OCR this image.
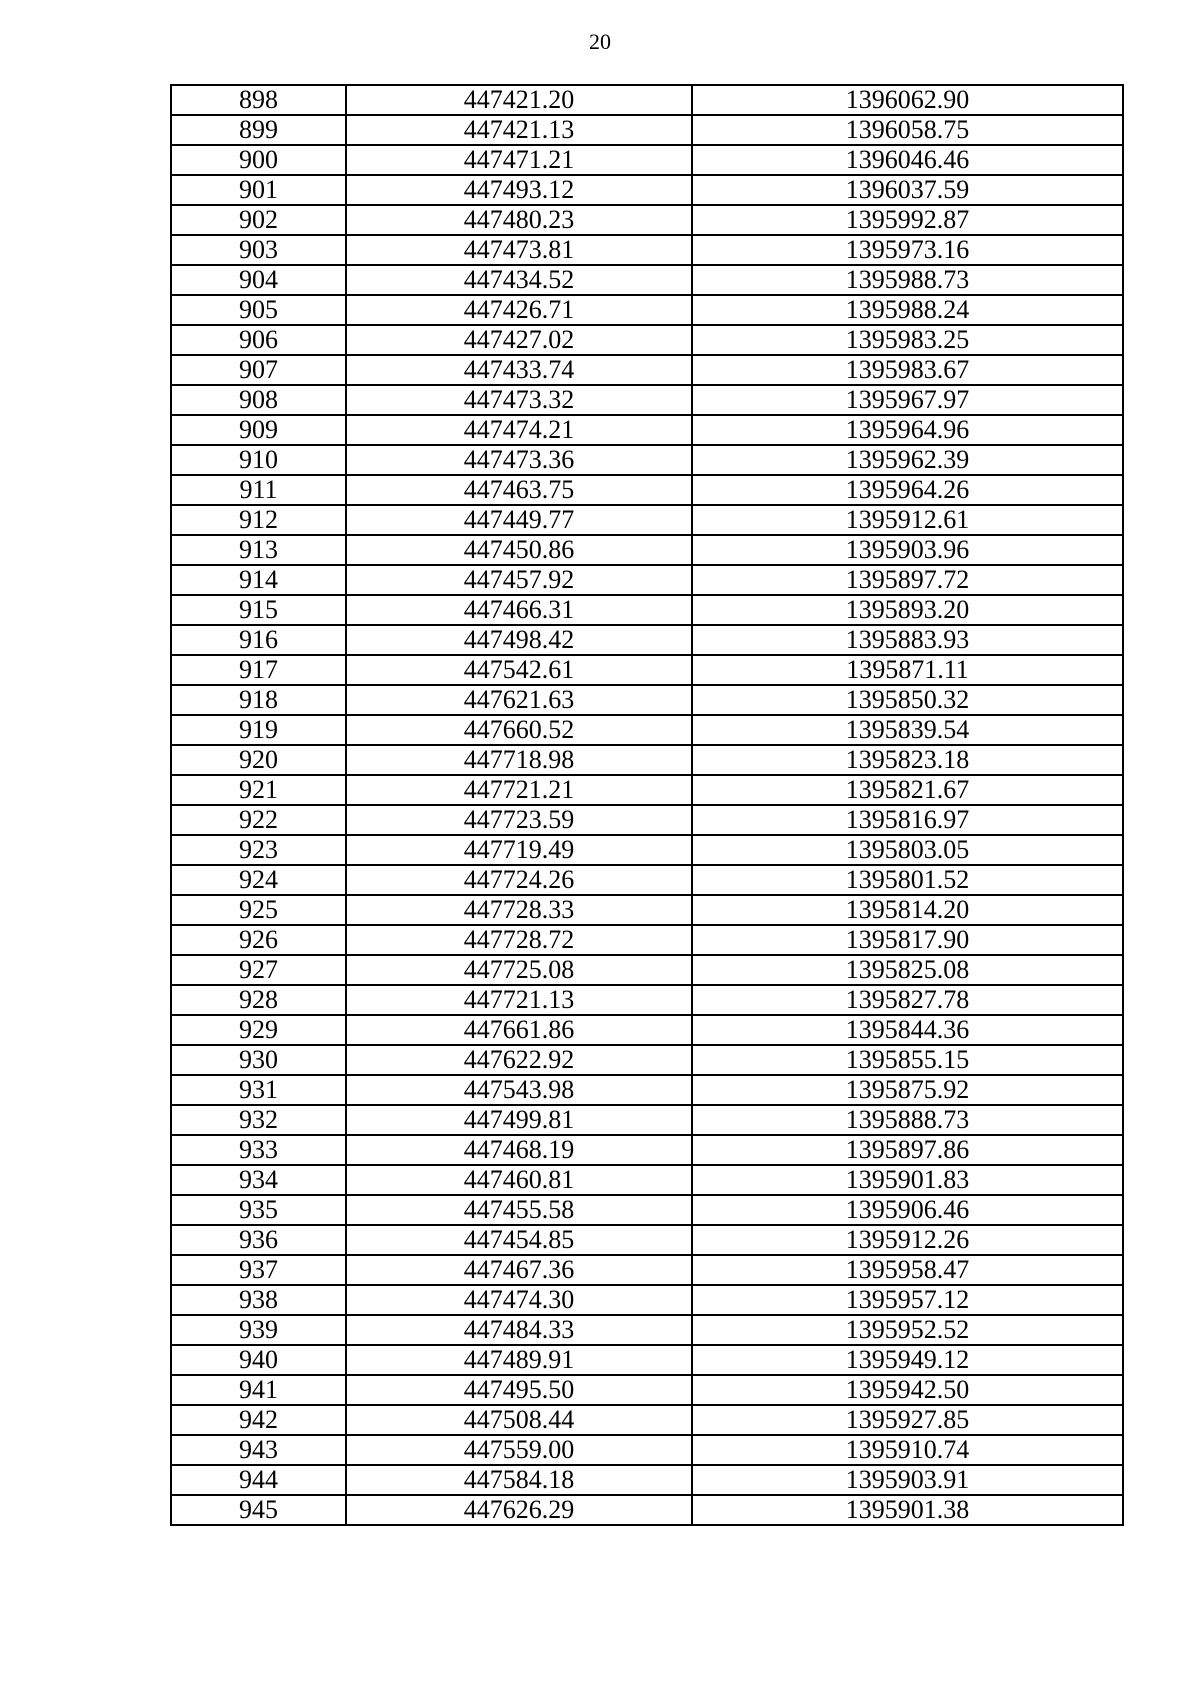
20
898	447421.20	1396062.90
899	447421.13	1396058.75
900	447471.21	1396046.46
901	447493.12	1396037.59
902	447480.23	1395992.87
903	447473.81	1395973.16
904	447434.52	1395988.73
905	447426.71	1395988.24
906	447427.02	1395983.25
907	447433.74	1395983.67
908	447473.32	1395967.97
909	447474.21	1395964.96
910	447473.36	1395962.39
911	447463.75	1395964.26
912	447449.77	1395912.61
913	447450.86	1395903.96
914	447457.92	1395897.72
915	447466.31	1395893.20
916	447498.42	1395883.93
917	447542.61	1395871.11
918	447621.63	1395850.32
919	447660.52	1395839.54
920	447718.98	1395823.18
921	447721.21	1395821.67
922	447723.59	1395816.97
923	447719.49	1395803.05
924	447724.26	1395801.52
925	447728.33	1395814.20
926	447728.72	1395817.90
927	447725.08	1395825.08
928	447721.13	1395827.78
929	447661.86	1395844.36
930	447622.92	1395855.15
931	447543.98	1395875.92
932	447499.81	1395888.73
933	447468.19	1395897.86
934	447460.81	1395901.83
935	447455.58	1395906.46
936	447454.85	1395912.26
937	447467.36	1395958.47
938	447474.30	1395957.12
939	447484.33	1395952.52
940	447489.91	1395949.12
941	447495.50	1395942.50
942	447508.44	1395927.85
943	447559.00	1395910.74
944	447584.18	1395903.91
945	447626.29	1395901.38
